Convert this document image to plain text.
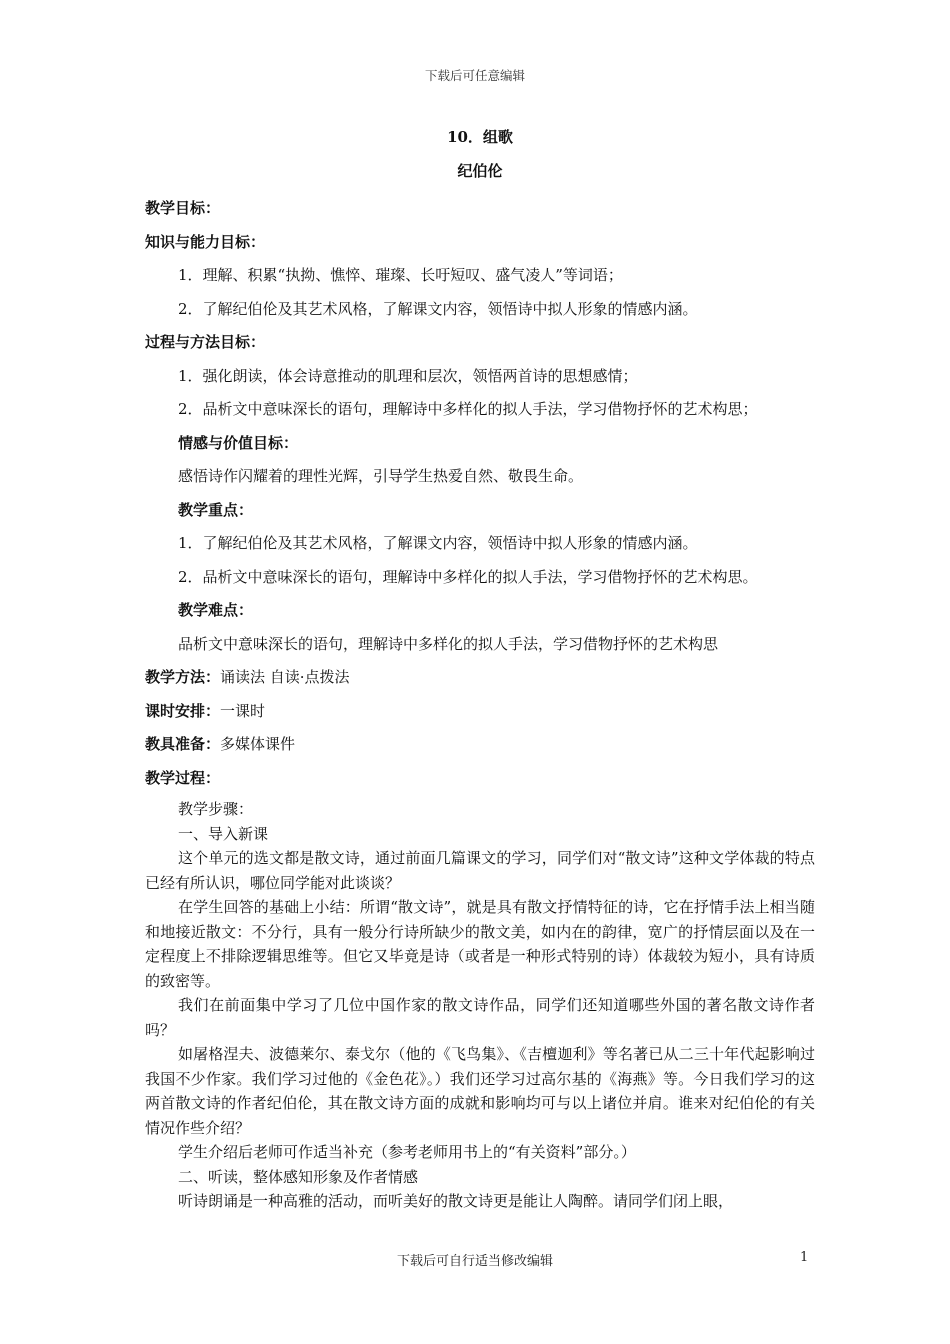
下载后可任意编辑
10．组歌
纪伯伦
教学目标：
知识与能力目标：
1．理解、积累“执拗、憔悴、璀璨、长吁短叹、盛气凌人”等词语；
2．了解纪伯伦及其艺术风格，了解课文内容，领悟诗中拟人形象的情感内涵。
过程与方法目标：
1．强化朗读，体会诗意推动的肌理和层次，领悟两首诗的思想感情；
2．品析文中意味深长的语句，理解诗中多样化的拟人手法，学习借物抒怀的艺术构思；
情感与价值目标：
感悟诗作闪耀着的理性光辉，引导学生热爱自然、敬畏生命。
教学重点：
1．了解纪伯伦及其艺术风格，了解课文内容，领悟诗中拟人形象的情感内涵。
2．品析文中意味深长的语句，理解诗中多样化的拟人手法，学习借物抒怀的艺术构思。
教学难点：
品析文中意味深长的语句，理解诗中多样化的拟人手法，学习借物抒怀的艺术构思
教学方法：诵读法 自读·点拨法
课时安排：一课时
教具准备：多媒体课件
教学过程：

教学步骤：

一、导入新课

这个单元的选文都是散文诗，通过前面几篇课文的学习，同学们对“散文诗”这种文学体裁的特点已经有所认识，哪位同学能对此谈谈？

在学生回答的基础上小结：所谓“散文诗”，就是具有散文抒情特征的诗，它在抒情手法上相当随和地接近散文：不分行，具有一般分行诗所缺少的散文美，如内在的韵律，宽广的抒情层面以及在一定程度上不排除逻辑思维等。但它又毕竟是诗（或者是一种形式特别的诗）体裁较为短小，具有诗质的致密等。

我们在前面集中学习了几位中国作家的散文诗作品，同学们还知道哪些外国的著名散文诗作者吗？

如屠格涅夫、波德莱尔、泰戈尔（他的《飞鸟集》、《吉檀迦利》等名著已从二三十年代起影响过我国不少作家。我们学习过他的《金色花》。）我们还学习过高尔基的《海燕》等。今日我们学习的这两首散文诗的作者纪伯伦，其在散文诗方面的成就和影响均可与以上诸位并肩。谁来对纪伯伦的有关情况作些介绍？

学生介绍后老师可作适当补充（参考老师用书上的“有关资料”部分。）

二、听读，整体感知形象及作者情感

听诗朗诵是一种高雅的活动，而听美好的散文诗更是能让人陶醉。请同学们闭上眼，

下载后可自行适当修改编辑	1
